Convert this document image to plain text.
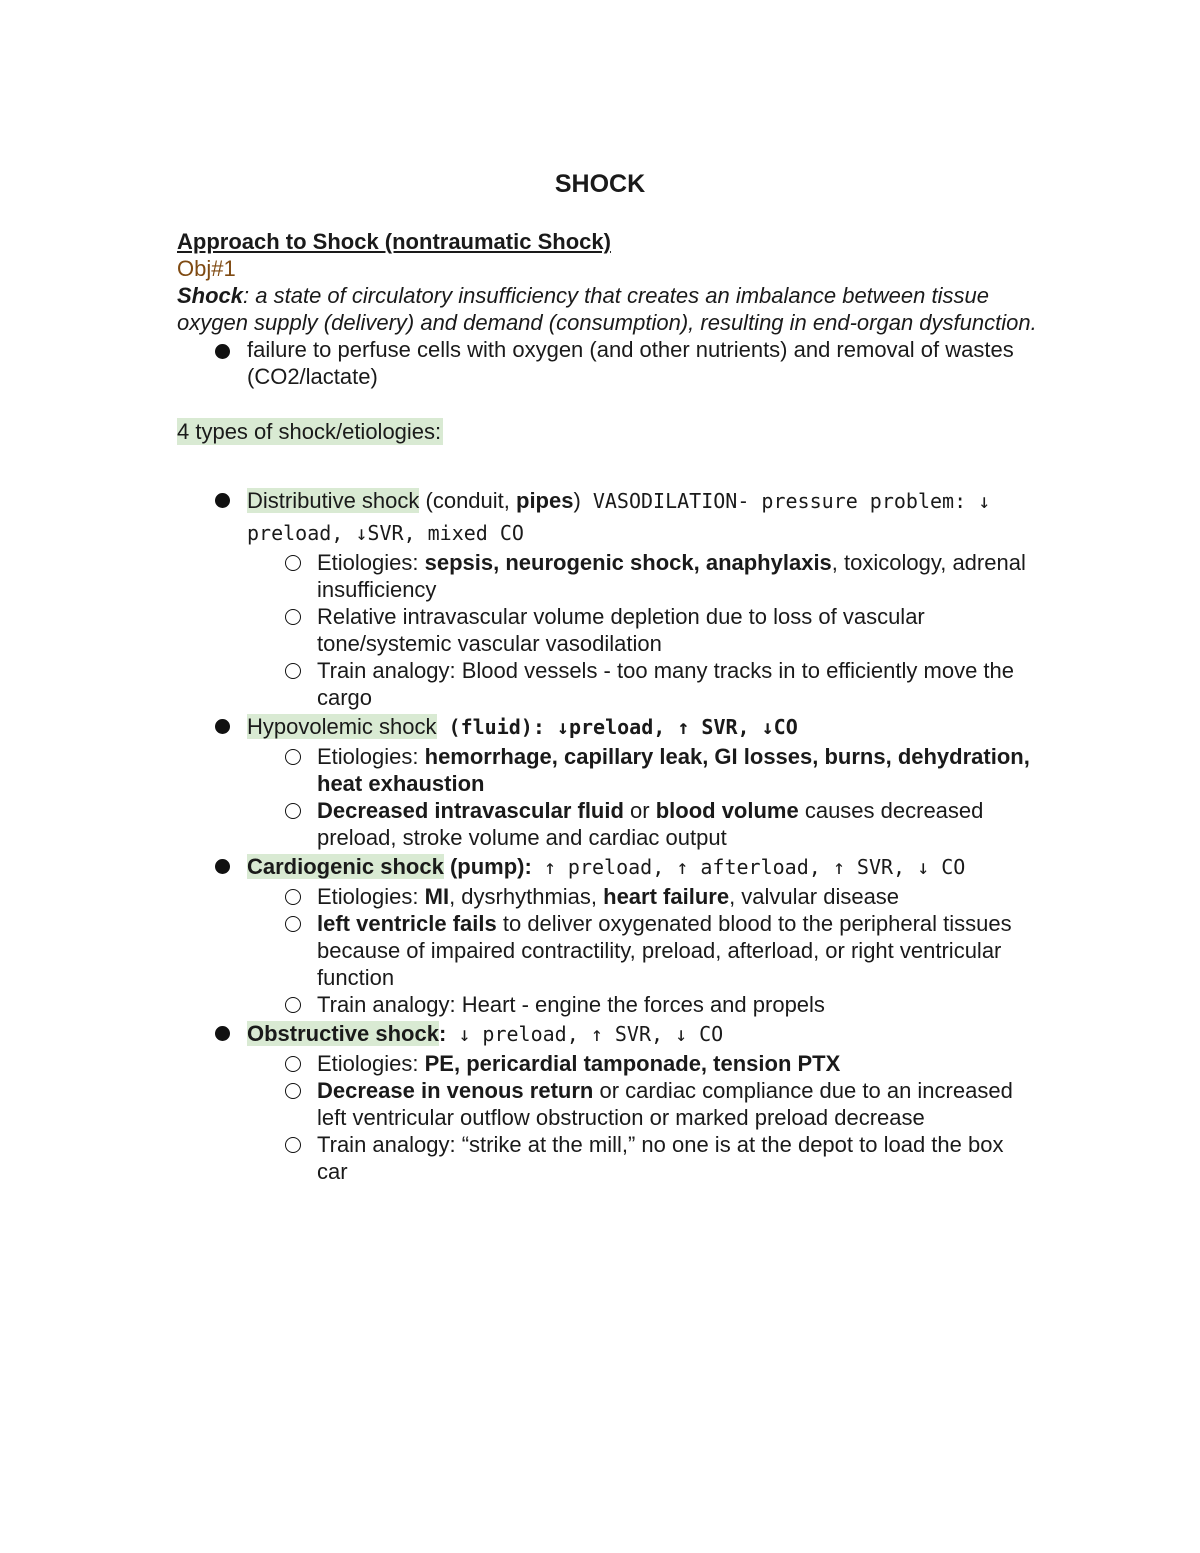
SHOCK
Approach to Shock (nontraumatic Shock)
Obj#1
Shock: a state of circulatory insufficiency that creates an imbalance between tissue oxygen supply (delivery) and demand (consumption), resulting in end-organ dysfunction.
failure to perfuse cells with oxygen (and other nutrients) and removal of wastes (CO2/lactate)
4 types of shock/etiologies:
Distributive shock (conduit, pipes) VASODILATION- pressure problem: ↓ preload, ↓SVR, mixed CO
Etiologies: sepsis, neurogenic shock, anaphylaxis, toxicology, adrenal insufficiency
Relative intravascular volume depletion due to loss of vascular tone/systemic vascular vasodilation
Train analogy: Blood vessels - too many tracks in to efficiently move the cargo
Hypovolemic shock (fluid): ↓preload, ↑ SVR, ↓CO
Etiologies: hemorrhage, capillary leak, GI losses, burns, dehydration, heat exhaustion
Decreased intravascular fluid or blood volume causes decreased preload, stroke volume and cardiac output
Cardiogenic shock (pump): ↑ preload, ↑ afterload, ↑ SVR, ↓ CO
Etiologies: MI, dysrhythmias, heart failure, valvular disease
left ventricle fails to deliver oxygenated blood to the peripheral tissues because of impaired contractility, preload, afterload, or right ventricular function
Train analogy: Heart - engine the forces and propels
Obstructive shock: ↓ preload, ↑ SVR, ↓ CO
Etiologies: PE, pericardial tamponade, tension PTX
Decrease in venous return or cardiac compliance due to an increased left ventricular outflow obstruction or marked preload decrease
Train analogy: “strike at the mill,” no one is at the depot to load the box car
